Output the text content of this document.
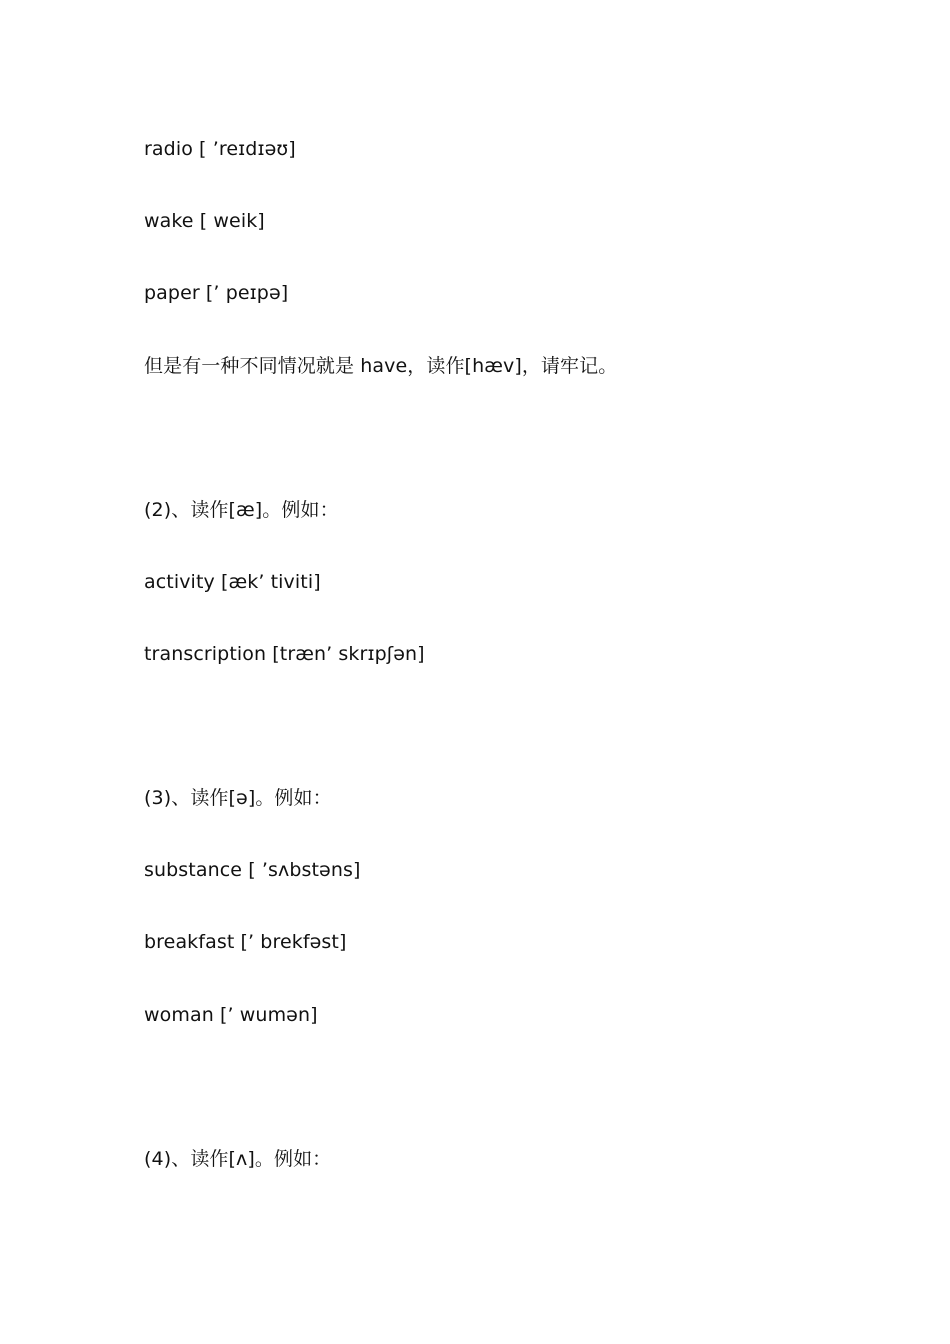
radio [ ’reɪdɪəʊ]
wake [ weik]
paper [’ peɪpə]
但是有一种不同情况就是 have，读作[hæv]，请牢记。
(2)、读作[æ]。例如：
activity [æk’ tiviti]
transcription [træn’ skrɪpʃən]
(3)、读作[ə]。例如：
substance [ ’sʌbstəns]
breakfast [’ brekfəst]
woman [’ wumən]
(4)、读作[ʌ]。例如：
